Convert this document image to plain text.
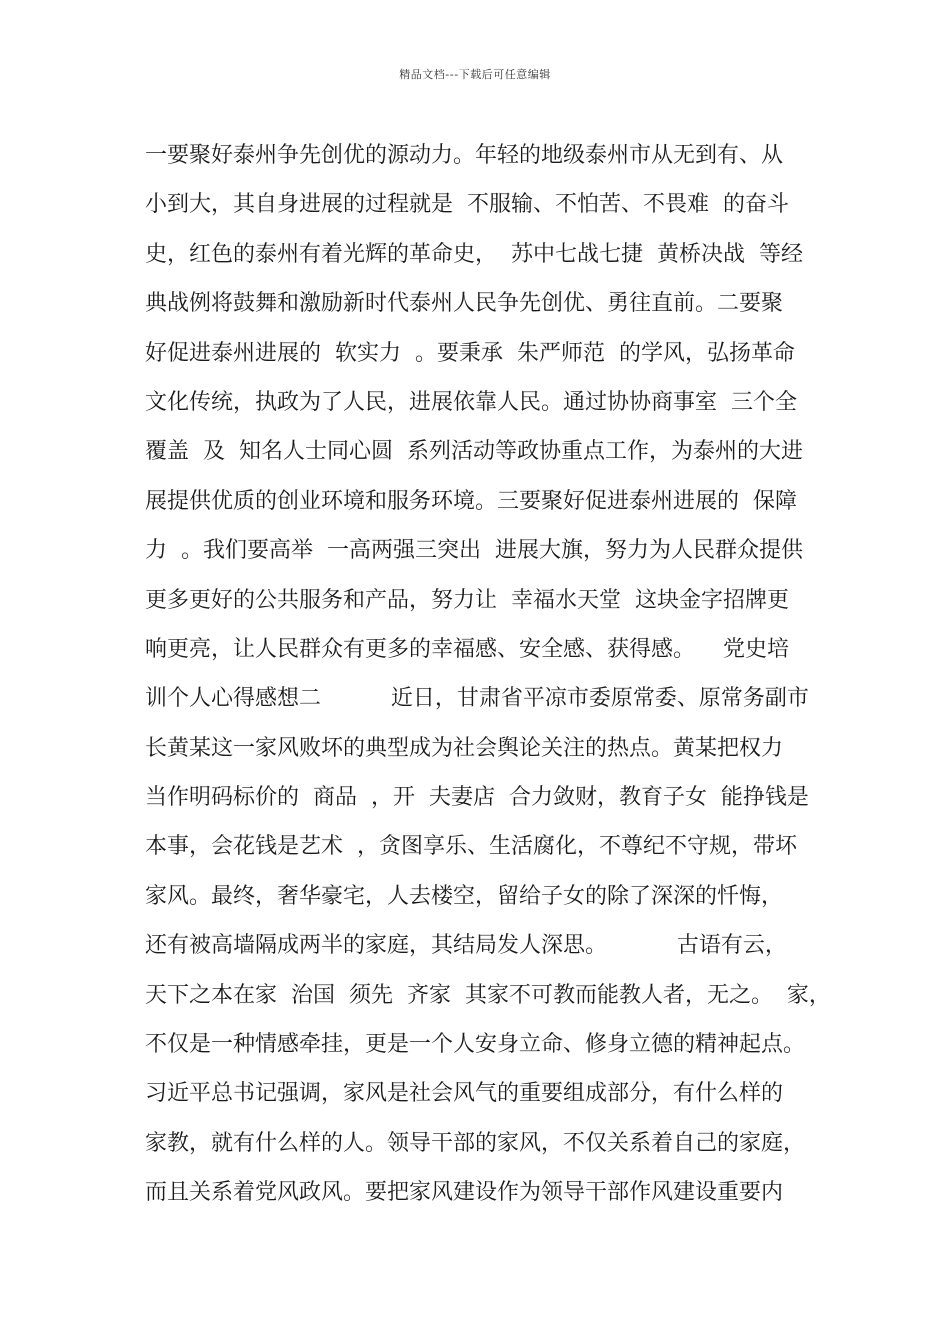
精品文档---下载后可任意编辑
一要聚好泰州争先创优的源动力。年轻的地级泰州市从无到有、从
小到大，其自身进展的过程就是  不服输、不怕苦、不畏难  的奋斗
史，红色的泰州有着光辉的革命史，  苏中七战七捷  黄桥决战  等经
典战例将鼓舞和激励新时代泰州人民争先创优、勇往直前。二要聚
好促进泰州进展的  软实力  。要秉承  朱严师范  的学风，弘扬革命
文化传统，执政为了人民，进展依靠人民。通过协协商事室  三个全
覆盖  及  知名人士同心圆  系列活动等政协重点工作，为泰州的大进
展提供优质的创业环境和服务环境。三要聚好促进泰州进展的  保障
力  。我们要高举  一高两强三突出  进展大旗，努力为人民群众提供
更多更好的公共服务和产品，努力让  幸福水天堂  这块金字招牌更
响更亮，让人民群众有更多的幸福感、安全感、获得感。    党史培
训个人心得感想二          近日，甘肃省平凉市委原常委、原常务副市
长黄某这一家风败坏的典型成为社会舆论关注的热点。黄某把权力
当作明码标价的  商品  ，开  夫妻店  合力敛财，教育子女  能挣钱是
本事，会花钱是艺术  ，贪图享乐、生活腐化，不尊纪不守规，带坏
家风。最终，奢华豪宅，人去楼空，留给子女的除了深深的忏悔，
还有被高墙隔成两半的家庭，其结局发人深思。          古语有云，
天下之本在家  治国  须先  齐家  其家不可教而能教人者，无之。  家，
不仅是一种情感牵挂，更是一个人安身立命、修身立德的精神起点。
习近平总书记强调，家风是社会风气的重要组成部分，有什么样的
家教，就有什么样的人。领导干部的家风，不仅关系着自己的家庭，
而且关系着党风政风。要把家风建设作为领导干部作风建设重要内
